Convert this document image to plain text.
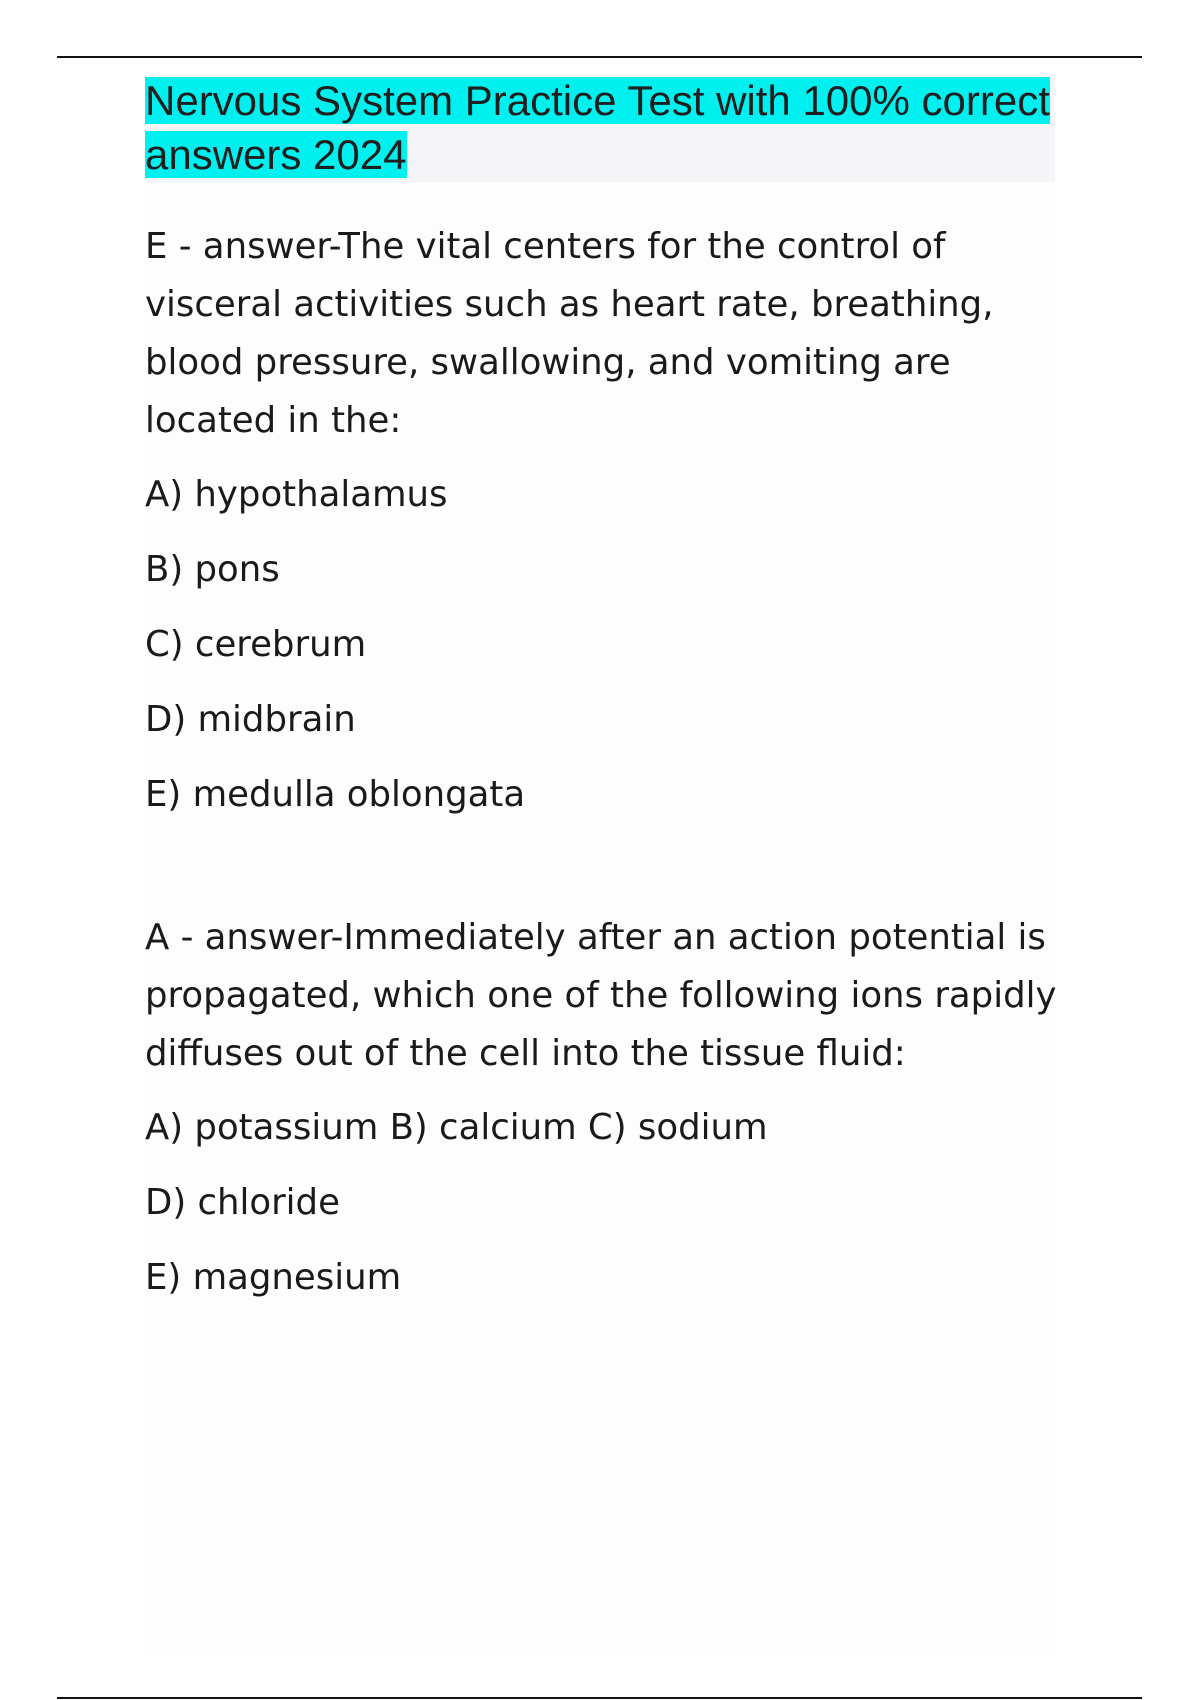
Nervous System Practice Test with 100% correct answers 2024

E - answer-The vital centers for the control of visceral activities such as heart rate, breathing, blood pressure, swallowing, and vomiting are located in the:

A) hypothalamus

B) pons

C) cerebrum

D) midbrain

E) medulla oblongata

A - answer-Immediately after an action potential is propagated, which one of the following ions rapidly diffuses out of the cell into the tissue fluid:

A) potassium B) calcium C) sodium

D) chloride

E) magnesium
